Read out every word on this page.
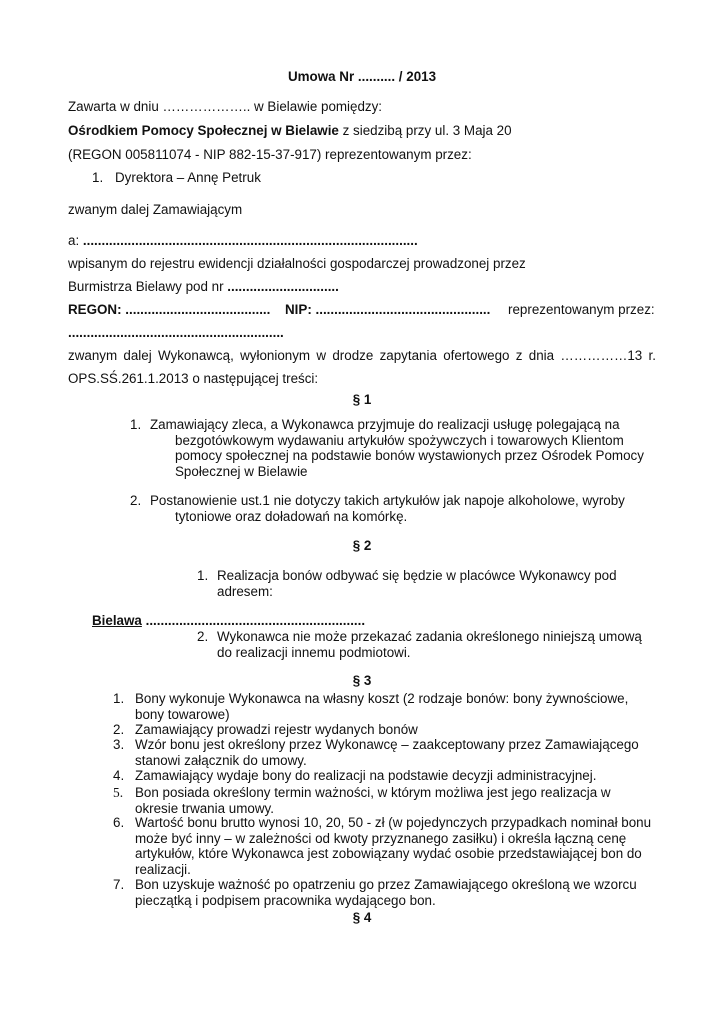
Umowa Nr .......... / 2013
Zawarta w dniu ……………….. w Bielawie pomiędzy:
Ośrodkiem Pomocy Społecznej w Bielawie z siedzibą przy ul. 3 Maja 20
(REGON 005811074 - NIP 882-15-37-917) reprezentowanym przez:
1. Dyrektora – Annę Petruk
zwanym dalej Zamawiającym
a: ..........................................................................................
wpisanym do rejestru ewidencji działalności gospodarczej prowadzonej przez
Burmistrza Bielawy pod nr ..............................
REGON: ....................................... NIP: ............................................... reprezentowanym przez:
..........................................................
zwanym dalej Wykonawcą, wyłonionym w drodze zapytania ofertowego z dnia ……………13 r.
OPS.SŚ.261.1.2013 o następującej treści:
§ 1
1. Zamawiający zleca, a Wykonawca przyjmuje do realizacji usługę polegającą na
bezgotówkowym wydawaniu artykułów spożywczych i towarowych Klientom
pomocy społecznej na podstawie bonów wystawionych przez Ośrodek Pomocy
Społecznej w Bielawie
2. Postanowienie ust.1 nie dotyczy takich artykułów jak napoje alkoholowe, wyroby
tytoniowe oraz doładowań na komórkę.
§ 2
1. Realizacja bonów odbywać się będzie w placówce Wykonawcy pod
adresem:
Bielawa ...........................................................
2. Wykonawca nie może przekazać zadania określonego niniejszą umową
do realizacji innemu podmiotowi.
§ 3
1. Bony wykonuje Wykonawca na własny koszt (2 rodzaje bonów: bony żywnościowe,
bony towarowe)
2. Zamawiający prowadzi rejestr wydanych bonów
3. Wzór bonu jest określony przez Wykonawcę – zaakceptowany przez Zamawiającego
stanowi załącznik do umowy.
4. Zamawiający wydaje bony do realizacji na podstawie decyzji administracyjnej.
5. Bon posiada określony termin ważności, w którym możliwa jest jego realizacja w
okresie trwania umowy.
6. Wartość bonu brutto wynosi 10, 20, 50 - zł (w pojedynczych przypadkach nominał bonu
może być inny – w zależności od kwoty przyznanego zasiłku) i określa łączną cenę
artykułów, które Wykonawca jest zobowiązany wydać osobie przedstawiającej bon do
realizacji.
7. Bon uzyskuje ważność po opatrzeniu go przez Zamawiającego określoną we wzorcu
pieczątką i podpisem pracownika wydającego bon.
§ 4
